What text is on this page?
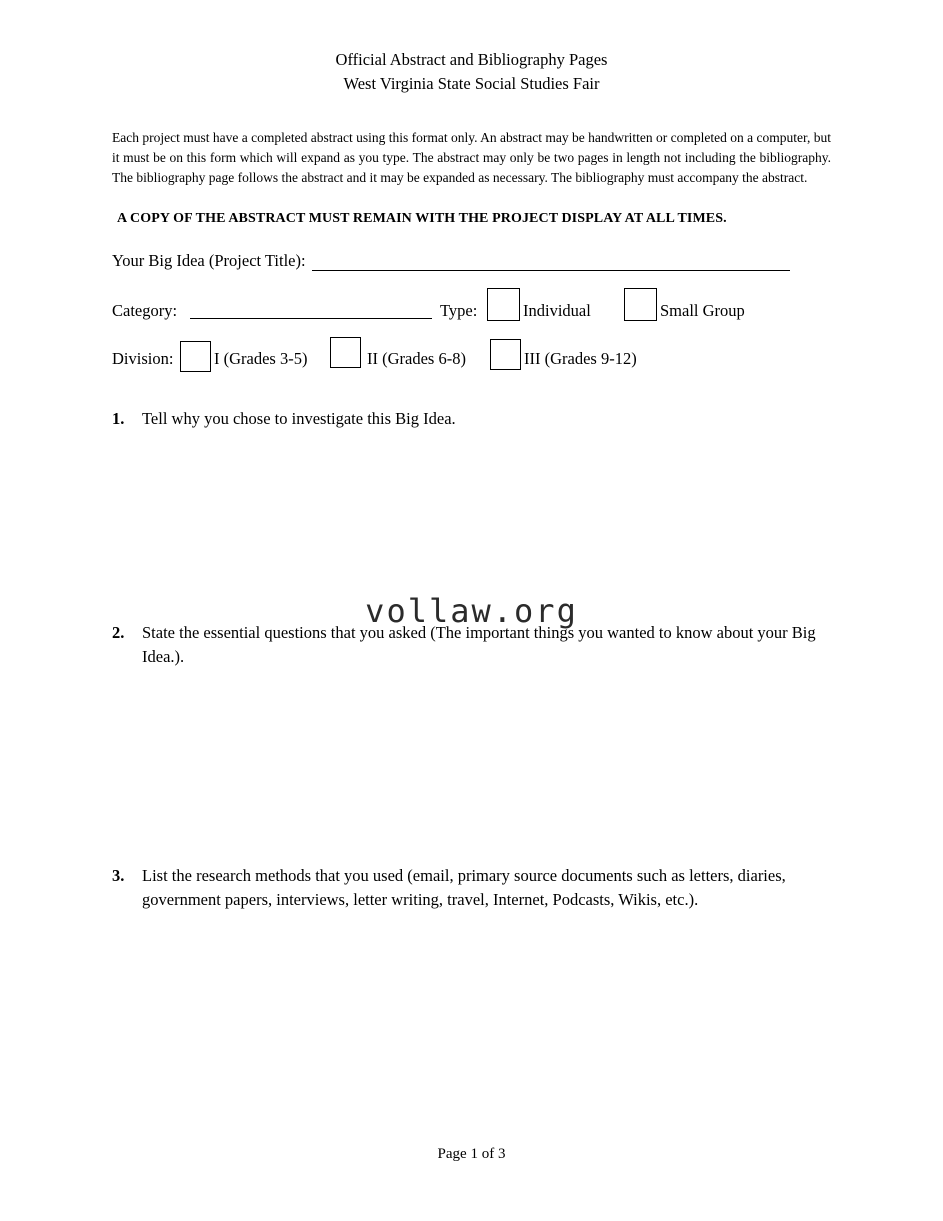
Official Abstract and Bibliography Pages
West Virginia State Social Studies Fair
Each project must have a completed abstract using this format only. An abstract may be handwritten or completed on a computer, but it must be on this form which will expand as you type. The abstract may only be two pages in length not including the bibliography. The bibliography page follows the abstract and it may be expanded as necessary. The bibliography must accompany the abstract.
A COPY OF THE ABSTRACT MUST REMAIN WITH THE PROJECT DISPLAY AT ALL TIMES.
Your Big Idea (Project Title):
Category:	Type:	Individual	Small Group
Division: I (Grades 3-5)	II (Grades 6-8)	III (Grades 9-12)
1.	Tell why you chose to investigate this Big Idea.
2.	State the essential questions that you asked (The important things you wanted to know about your Big Idea.).
3.	List the research methods that you used (email, primary source documents such as letters, diaries, government papers, interviews, letter writing, travel, Internet, Podcasts, Wikis, etc.).
vollaw.org
Page 1 of 3
